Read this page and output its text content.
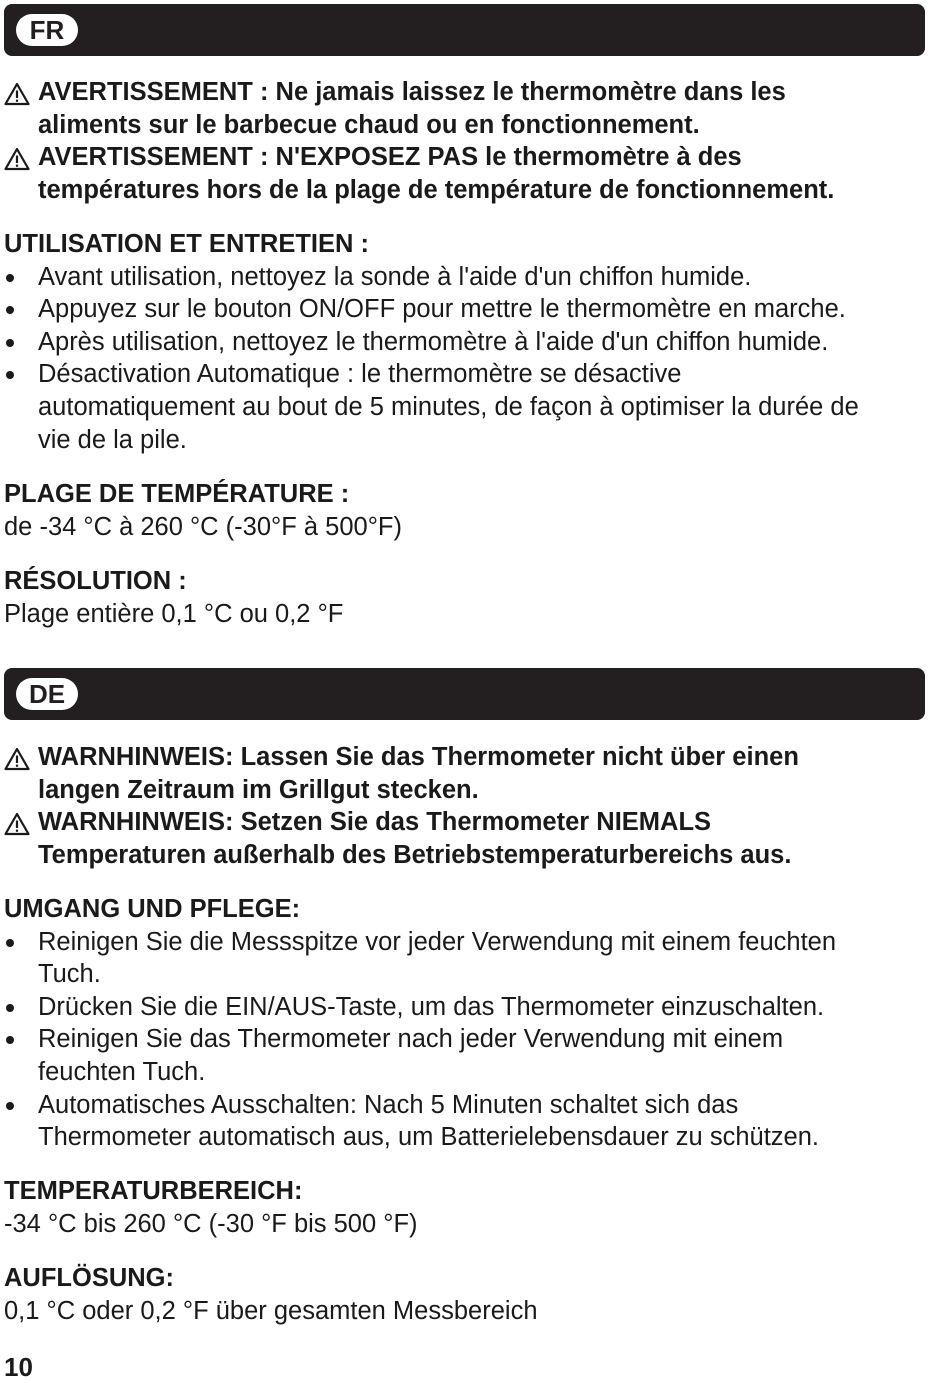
FR
AVERTISSEMENT : Ne jamais laissez le thermomètre dans les
aliments sur le barbecue chaud ou en fonctionnement.
AVERTISSEMENT : N'EXPOSEZ PAS le thermomètre à des
températures hors de la plage de température de fonctionnement.
UTILISATION ET ENTRETIEN :
Avant utilisation, nettoyez la sonde à l'aide d'un chiffon humide.
Appuyez sur le bouton ON/OFF pour mettre le thermomètre en marche.
Après utilisation, nettoyez le thermomètre à l'aide d'un chiffon humide.
Désactivation Automatique : le thermomètre se désactive
automatiquement au bout de 5 minutes, de façon à optimiser la durée de
vie de la pile.
PLAGE DE TEMPÉRATURE :
de -34 °C à 260 °C (-30°F à 500°F)
RÉSOLUTION :
Plage entière 0,1 °C ou 0,2 °F
DE
WARNHINWEIS: Lassen Sie das Thermometer nicht über einen
langen Zeitraum im Grillgut stecken.
WARNHINWEIS: Setzen Sie das Thermometer NIEMALS
Temperaturen außerhalb des Betriebstemperaturbereichs aus.
UMGANG UND PFLEGE:
Reinigen Sie die Messspitze vor jeder Verwendung mit einem feuchten
Tuch.
Drücken Sie die EIN/AUS-Taste, um das Thermometer einzuschalten.
Reinigen Sie das Thermometer nach jeder Verwendung mit einem
feuchten Tuch.
Automatisches Ausschalten: Nach 5 Minuten schaltet sich das
Thermometer automatisch aus, um Batterielebensdauer zu schützen.
TEMPERATURBEREICH:
-34 °C bis 260 °C (-30 °F bis 500 °F)
AUFLÖSUNG:
0,1 °C oder 0,2 °F über gesamten Messbereich
10
